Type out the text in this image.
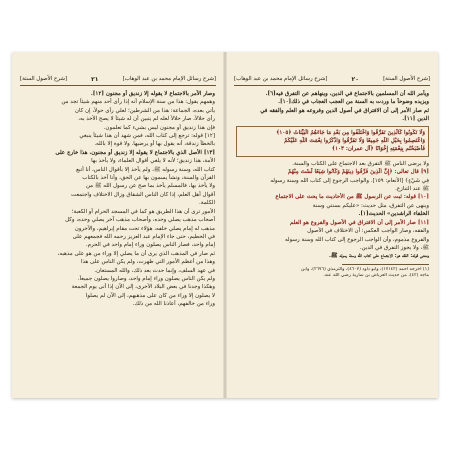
[شرح رسائل الإمام محمد بن عبد الوهاب]
٢١
[شرح الأصول الستة]
وصار الأمر بالاجتماع لا يقوله إلا زنديق أو مجنون [١٢].
وهمهم يقول: هذا من سنة الإسلام أنه إذا رأى أحد منهم شيئاً تجد من
يأتي بعده، الجماعة: هذا من الشرطين؛ لعلي رأى حولاً، إن كان
رأى حلالاً، صار حلالاً لعله لم يتبين أن له شيئاً لا يصح الأخذ به،
فإن هذا زنديق أو مجنون ليس بشيء كما تعلمون.
[١٢] قوله: ترجع إلى كتاب الله، فمن شهد أن هذا شيئاً ينبغي
بالخطأ زندقة، أنه يقول بها أو يرضيها. ولا قوة إلا بالله.
[١٣] الأصل الذي بالاجتماع لا يقوله إلا زنديق أو مجنون، هذا خارج على
الأمة، هذا زنديق؛ لأنه لا يلغي أقوال العلماء، ولا يأخذ بها
كتاب الله، وسنة رسوله ﷺ، ولم يأخذ إلا بأقوال الناس، أنا أتبع
القرآن والسنة، ونشأ يسمون بها عن الحق، وأنا آخذ بالكتاب
ولا يأخذ بها، فالمسلم يأخذ بما صح عن رسول الله ﷺ من
أقوال أهل العلم، إذا كان الناس الشقاق وزال الاختلاف واجتمعت
الكلمة.
الأمور ترى أن هذا الطريق هو كما في المسجد الحرام أو الكعبة؛
أصحاب مذهب يصلي وحده، وأصحاب مذهب آخر يصلي وحده، وكل
مذهب له إمام يصلي خلفه، هؤلاء تحت مقام إبراهيم، والآخرون
في الحطيم، حتى جاء الإمام عبد العزيز رحمه الله فجمعهم على
إمام واحد، فصار الناس يصلون وراء إمام واحد في الحرم.
ثم صار في المذهب الذي يرى أن ما يصلي إلا وراء من هو على مذهبه،
وهذا من أعظم الأمور التي ظهرت، ولم يكن الناس على هذا
في عهد السلف، وإنما حدث بعد ذلك، والله المستعان.
ولم يكن الناس يصلون وراء إمام واحد، وصاروا يصلون جميعاً.
وهكذا وجدنا في بعض البلاد الأخرى، إلى الآن إذا أتى يوم الجمعة
لا يصلون إلا وراء من كان على مذهبهم، إلى الآن لم يصلوا
وراء من خالفهم، أعاذنا الله من ذلك.
[شرح الأصول الستة]
٢٠
[شرح رسائل الإمام محمد بن عبد الوهاب]
ويأمر الله أن المسلمين بالاجتماع في الدين، وينهاهم عن التفرق فيه[٦].
ويزيده وضوحاً ما وردت به السنة من العجب العجاب في ذلك[١٠].
ثم صار الأمر إلى أن الافتراق في أصول الدين وفروعه هو العلم والفقه في
الدين [١١].
وَلَا تَكُونُوا كَالَّذِينَ تَفَرَّقُوا وَاخْتَلَفُوا مِن بَعْدِ مَا جَاءَهُمُ الْبَيِّنَاتُ ﴿١٠٥﴾
وَاعْتَصِمُوا بِحَبْلِ اللَّهِ جَمِيعًا وَلَا تَفَرَّقُوا وَاذْكُرُوا نِعْمَتَ اللَّهِ عَلَيْكُمْ
فَأَصْبَحْتُم بِنِعْمَتِهِ إِخْوَانًا ﴿آل عمران: ١٠٣﴾
ولا يرضى الناس ﷺ التفرق بعد الاجتماع على الكتاب والسنة.
[٩] قال تعالى: ﴿إِنَّ الَّذِينَ فَرَّقُوا دِينَهُمْ وَكَانُوا شِيَعًا لَّسْتَ مِنْهُمْ
فِي شَيْءٍ﴾ [الأنعام: ١٥٩]. والواجب الرجوع إلى كتاب الله وسنة رسوله
ﷺ عند التنازع.
[١٠] قوله: ثبت عن الرسول ﷺ من الأحاديث ما يحث على الاجتماع
وينهى عن التفرق، مثل حديث: «عليكم بسنتي وسنة
الخلفاء الراشدين» الحديث[١].
[١١] صار الأمر إلى أن الافتراق في الأصول والفروع هو العلم
والفقه، وصار الواجب العكس: أن الاختلاف في الأصول
والفروع مذموم، وأن الواجب الرجوع إلى كتاب الله وسنة رسوله
ﷺ، ولا يجوز التفرق في الدين.
ومعنى قوله: الفقه هو: الاجتماع على كتاب الله وسنة رسوله ﷺ.
(١) أخرجه أحمد (١٧١٤٢)، وأبو داود (٤٦٠٧)، والترمذي (٢٦٧٦)، وابن
ماجه (٤٢)، من حديث العرباض بن سارية رضي الله عنه.
